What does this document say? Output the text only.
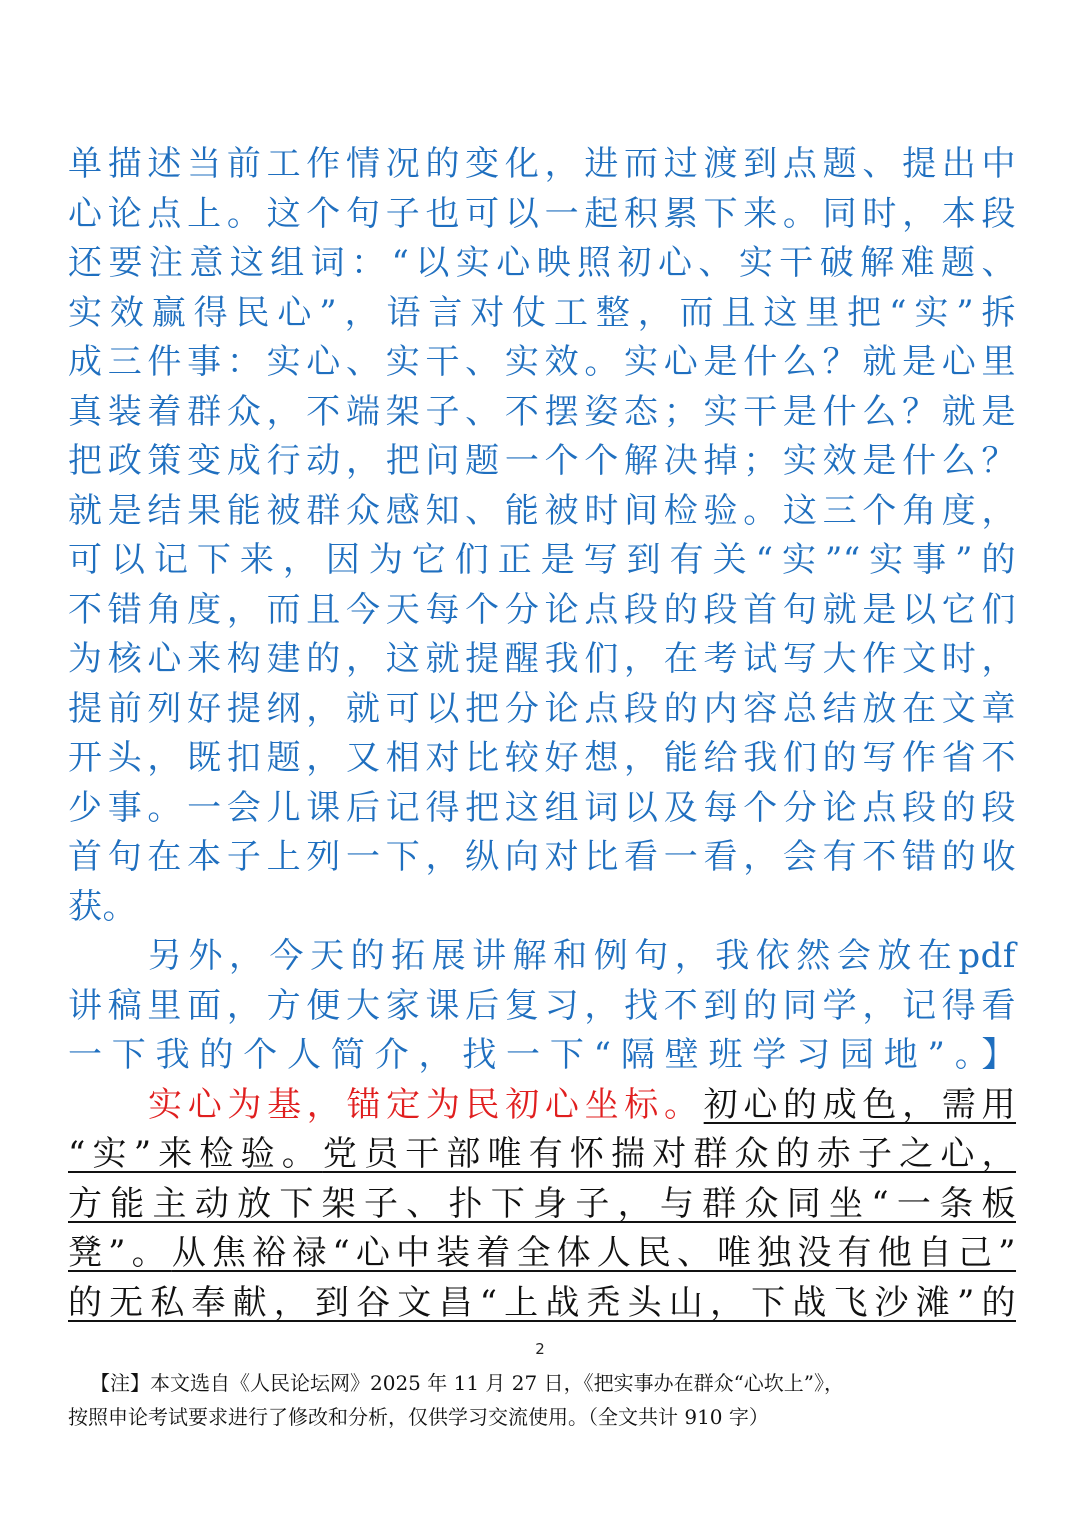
单描述当前工作情况的变化，进而过渡到点题、提出中
心论点上。这个句子也可以一起积累下来。同时，本段
还要注意这组词：“以实心映照初心、实干破解难题、
实效赢得民心”，语言对仗工整，而且这里把“实”拆
成三件事：实心、实干、实效。实心是什么？就是心里
真装着群众，不端架子、不摆姿态；实干是什么？就是
把政策变成行动，把问题一个个解决掉；实效是什么？
就是结果能被群众感知、能被时间检验。这三个角度，
可以记下来，因为它们正是写到有关“实”“实事”的
不错角度，而且今天每个分论点段的段首句就是以它们
为核心来构建的，这就提醒我们，在考试写大作文时，
提前列好提纲，就可以把分论点段的内容总结放在文章
开头，既扣题，又相对比较好想，能给我们的写作省不
少事。一会儿课后记得把这组词以及每个分论点段的段
首句在本子上列一下，纵向对比看一看，会有不错的收
获。
另外，今天的拓展讲解和例句，我依然会放在pdf
讲稿里面，方便大家课后复习，找不到的同学，记得看
一下我的个人简介，找一下“隔壁班学习园地”。】
实心为基，锚定为民初心坐标。初心的成色，需用
“实”来检验。党员干部唯有怀揣对群众的赤子之心，
方能主动放下架子、扑下身子，与群众同坐“一条板
凳”。从焦裕禄“心中装着全体人民、唯独没有他自己”
的无私奉献，到谷文昌“上战秃头山，下战飞沙滩”的
2
【注】本文选自《人民论坛网》2025 年 11 月 27 日，《把实事办在群众“心坎上”》，
按照申论考试要求进行了修改和分析，仅供学习交流使用。（全文共计 910 字）
